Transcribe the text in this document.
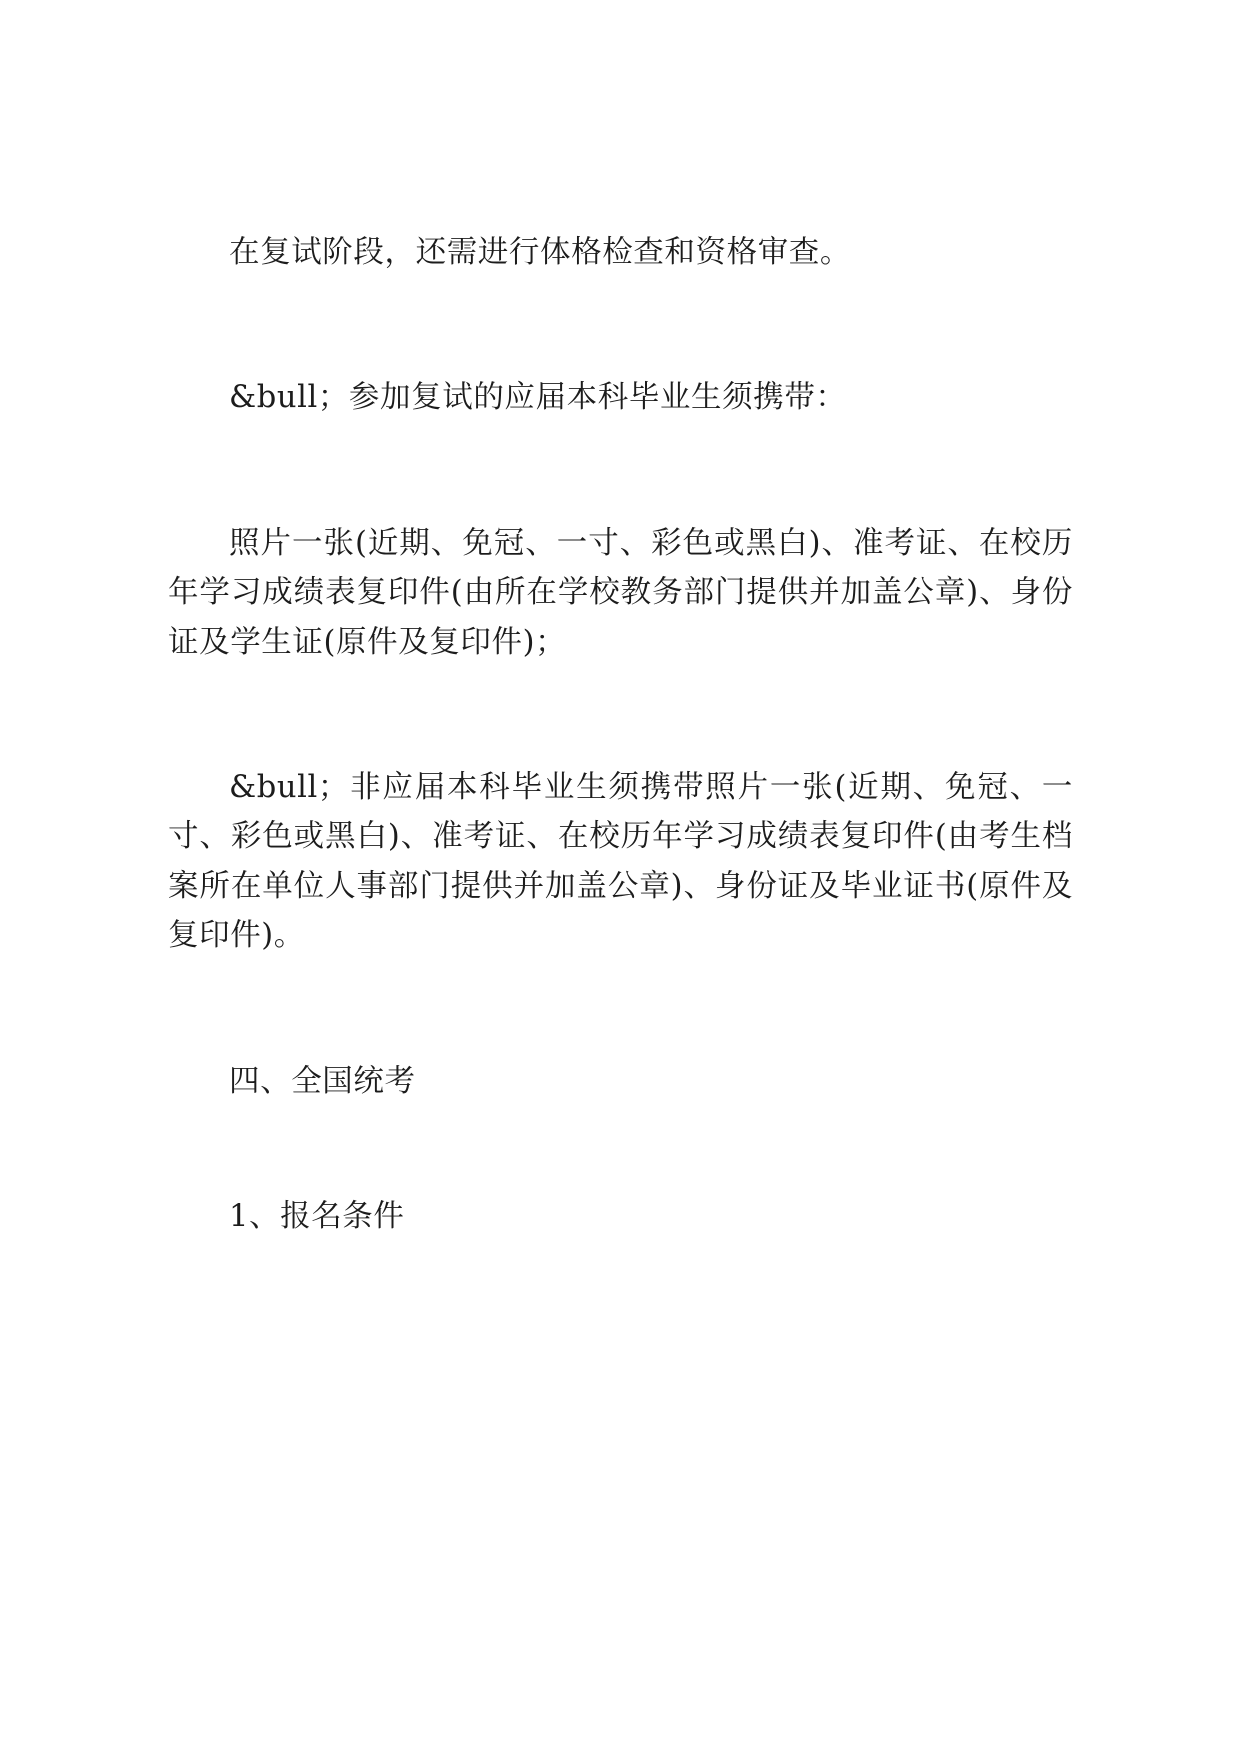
在复试阶段，还需进行体格检查和资格审查。

&bull；参加复试的应届本科毕业生须携带：

照片一张(近期、免冠、一寸、彩色或黑白)、准考证、在校历年学习成绩表复印件(由所在学校教务部门提供并加盖公章)、身份证及学生证(原件及复印件)；

&bull；非应届本科毕业生须携带照片一张(近期、免冠、一寸、彩色或黑白)、准考证、在校历年学习成绩表复印件(由考生档案所在单位人事部门提供并加盖公章)、身份证及毕业证书(原件及复印件)。

四、全国统考

1、报名条件
